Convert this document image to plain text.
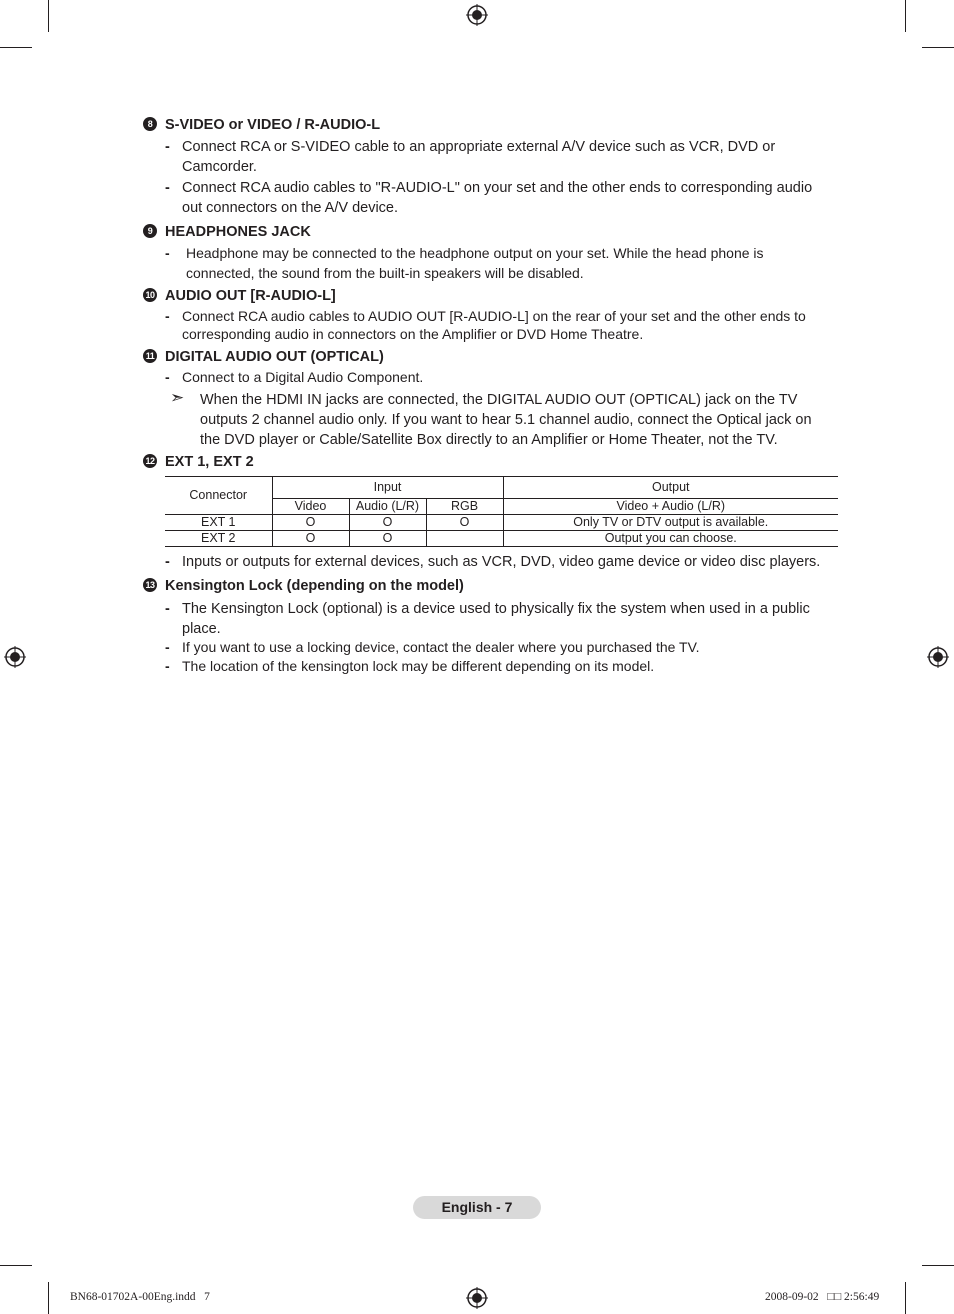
8 S-VIDEO or VIDEO / R-AUDIO-L
- Connect RCA or S-VIDEO cable to an appropriate external A/V device such as VCR, DVD or Camcorder.
- Connect RCA audio cables to "R-AUDIO-L" on your set and the other ends to corresponding audio out connectors on the A/V device.
9 HEADPHONES JACK
- Headphone may be connected to the headphone output on your set. While the head phone is connected, the sound from the built-in speakers will be disabled.
10 AUDIO OUT [R-AUDIO-L]
- Connect RCA audio cables to AUDIO OUT [R-AUDIO-L] on the rear of your set and the other ends to corresponding audio in connectors on the Amplifier or DVD Home Theatre.
11 DIGITAL AUDIO OUT (OPTICAL)
- Connect to a Digital Audio Component.
➣ When the HDMI IN jacks are connected, the DIGITAL AUDIO OUT (OPTICAL) jack on the TV outputs 2 channel audio only. If you want to hear 5.1 channel audio, connect the Optical jack on the DVD player or Cable/Satellite Box directly to an Amplifier or Home Theater, not the TV.
12 EXT 1, EXT 2
Connector	Input			Output
	Video	Audio (L/R)	RGB	Video + Audio (L/R)
EXT 1	O	O	O	Only TV or DTV output is available.
EXT 2	O	O		Output you can choose.
- Inputs or outputs for external devices, such as VCR, DVD, video game device or video disc players.
13 Kensington Lock (depending on the model)
- The Kensington Lock (optional) is a device used to physically fix the system when used in a public place.
- If you want to use a locking device, contact the dealer where you purchased the TV.
- The location of the kensington lock may be different depending on its model.
English - 7
BN68-01702A-00Eng.indd   7	2008-09-02   □□ 2:56:49
